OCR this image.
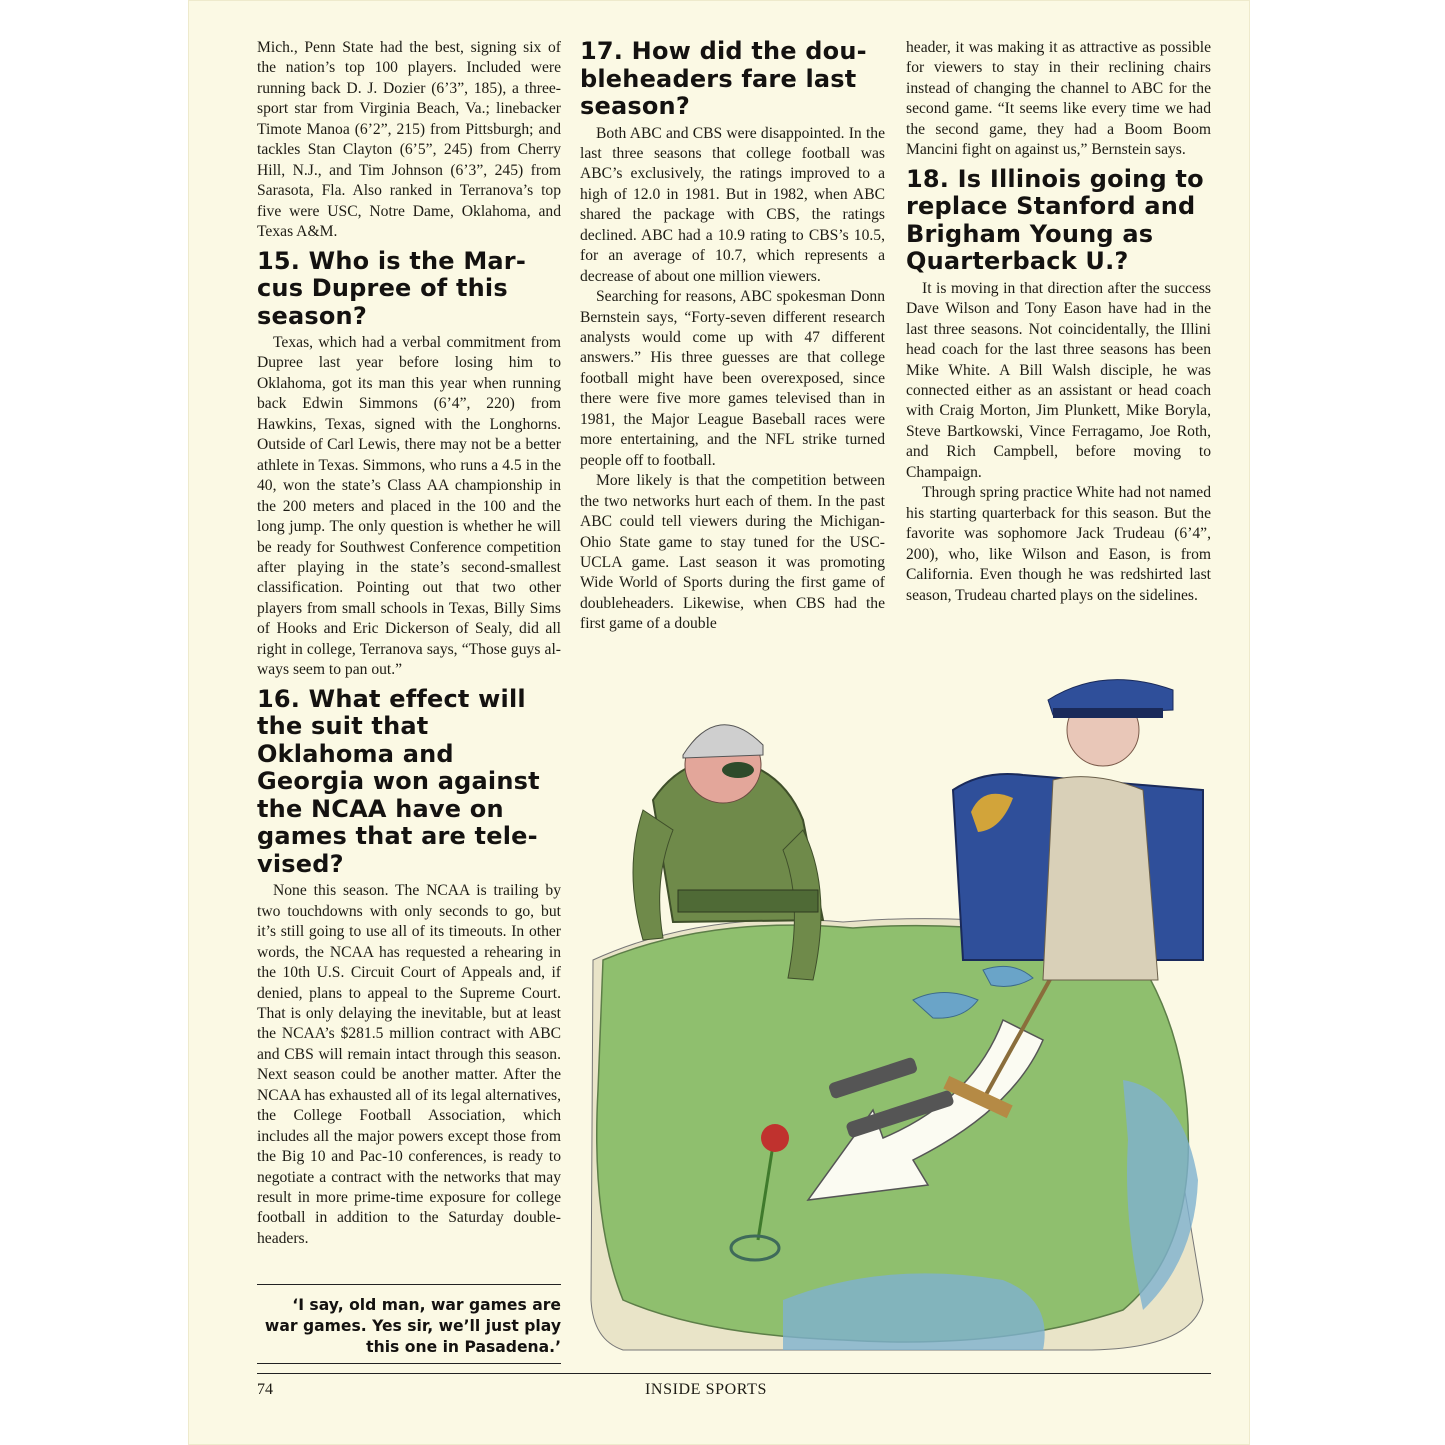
Mich., Penn State had the best, signing six of the nation’s top 100 players. Included were running back D. J. Dozier (6’3”, 185), a three-sport star from Virginia Beach, Va.; linebacker Timote Manoa (6’2”, 215) from Pittsburgh; and tackles Stan Clayton (6’5”, 245) from Cherry Hill, N.J., and Tim Johnson (6’3”, 245) from Sarasota, Fla. Also ranked in Terranova’s top five were USC, Notre Dame, Oklahoma, and Texas A&M.

15. Who is the Marcus Dupree of this season?

Texas, which had a verbal commitment from Dupree last year before losing him to Oklahoma, got its man this year when running back Edwin Simmons (6’4”, 220) from Hawkins, Texas, signed with the Longhorns. Outside of Carl Lewis, there may not be a better athlete in Texas. Simmons, who runs a 4.5 in the 40, won the state’s Class AA championship in the 200 meters and placed in the 100 and the long jump. The only question is whether he will be ready for Southwest Conference competition after playing in the state’s second-smallest classification. Pointing out that two other players from small schools in Texas, Billy Sims of Hooks and Eric Dickerson of Sealy, did all right in college, Terranova says, “Those guys always seem to pan out.”

16. What effect will the suit that Oklahoma and Georgia won against the NCAA have on games that are televised?

None this season. The NCAA is trailing by two touchdowns with only seconds to go, but it’s still going to use all of its timeouts. In other words, the NCAA has requested a rehearing in the 10th U.S. Circuit Court of Appeals and, if denied, plans to appeal to the Supreme Court. That is only delaying the inevitable, but at least the NCAA’s $281.5 million contract with ABC and CBS will remain intact through this season. Next season could be another matter. After the NCAA has exhausted all of its legal alternatives, the College Football Association, which includes all the major powers except those from the Big 10 and Pac-10 conferences, is ready to negotiate a contract with the networks that may result in more prime-time exposure for college football in addition to the Saturday double-headers.

17. How did the doubleheaders fare last season?

Both ABC and CBS were disappointed. In the last three seasons that college football was ABC’s exclusively, the ratings improved to a high of 12.0 in 1981. But in 1982, when ABC shared the package with CBS, the ratings declined. ABC had a 10.9 rating to CBS’s 10.5, for an average of 10.7, which represents a decrease of about one million viewers.

Searching for reasons, ABC spokesman Donn Bernstein says, “Forty-seven different research analysts would come up with 47 different answers.” His three guesses are that college football might have been overexposed, since there were five more games televised than in 1981, the Major League Baseball races were more entertaining, and the NFL strike turned people off to football.

More likely is that the competition between the two networks hurt each of them. In the past ABC could tell viewers during the Michigan-Ohio State game to stay tuned for the USC-UCLA game. Last season it was promoting Wide World of Sports during the first game of doubleheaders. Likewise, when CBS had the first game of a double

header, it was making it as attractive as possible for viewers to stay in their reclining chairs instead of changing the channel to ABC for the second game. “It seems like every time we had the second game, they had a Boom Boom Mancini fight on against us,” Bernstein says.

18. Is Illinois going to replace Stanford and Brigham Young as Quarterback U.?

It is moving in that direction after the success Dave Wilson and Tony Eason have had in the last three seasons. Not coincidentally, the Illini head coach for the last three seasons has been Mike White. A Bill Walsh disciple, he was connected either as an assistant or head coach with Craig Morton, Jim Plunkett, Mike Boryla, Steve Bartkowski, Vince Ferragamo, Joe Roth, and Rich Campbell, before moving to Champaign.

Through spring practice White had not named his starting quarterback for this season. But the favorite was sophomore Jack Trudeau (6’4”, 200), who, like Wilson and Eason, is from California. Even though he was redshirted last season, Trudeau charted plays on the sidelines.

‘I say, old man, war games are war games. Yes sir, we’ll just play this one in Pasadena.’
74	INSIDE SPORTS
